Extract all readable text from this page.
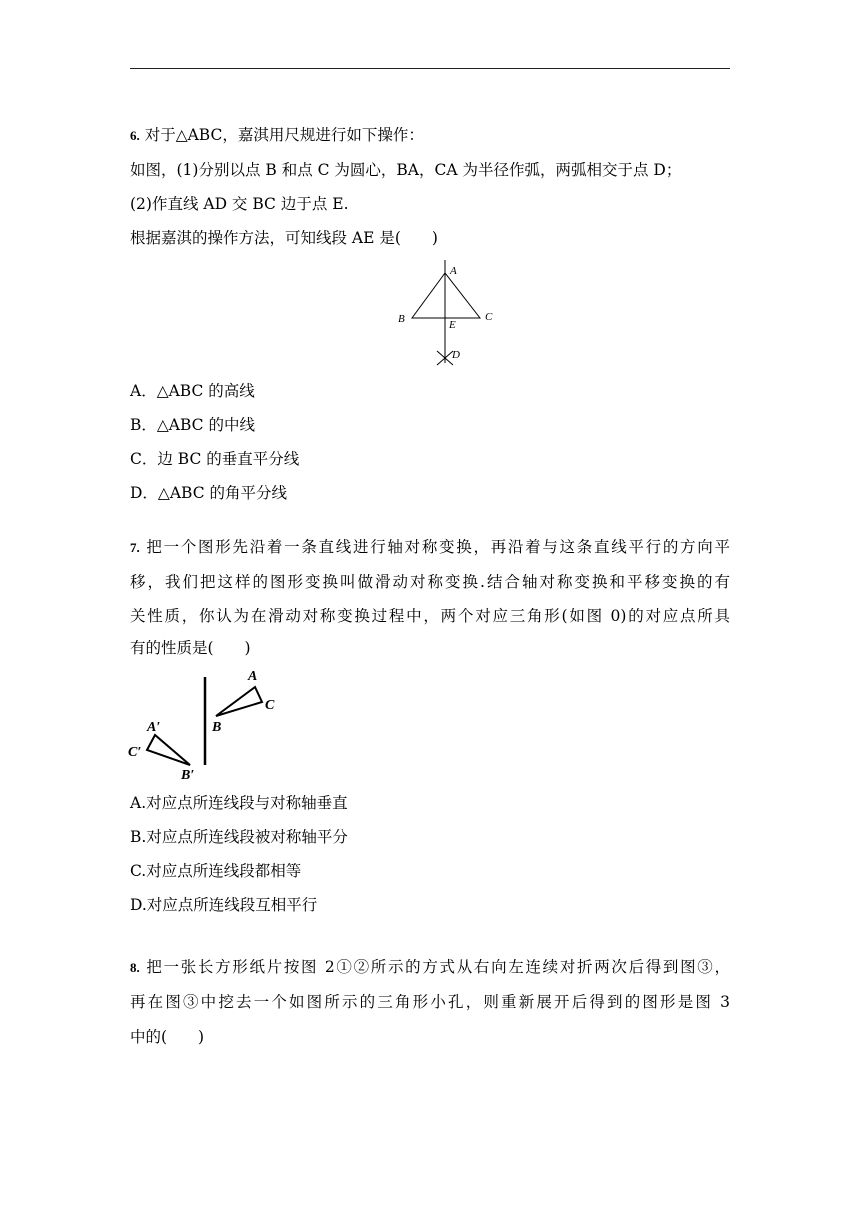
6. 对于△ABC，嘉淇用尺规进行如下操作：
如图，(1)分别以点 B 和点 C 为圆心，BA，CA 为半径作弧，两弧相交于点 D；
(2)作直线 AD 交 BC 边于点 E.
根据嘉淇的操作方法，可知线段 AE 是(　　)
A
B	C
E
D
A．△ABC 的高线
B．△ABC 的中线
C．边 BC 的垂直平分线
D．△ABC 的角平分线
7. 把一个图形先沿着一条直线进行轴对称变换，再沿着与这条直线平行的方向平
移，我们把这样的图形变换叫做滑动对称变换.结合轴对称变换和平移变换的有
关性质，你认为在滑动对称变换过程中，两个对应三角形(如图 0)的对应点所具
有的性质是(　　)
A
B
C
A′
B′
C′
A.对应点所连线段与对称轴垂直
B.对应点所连线段被对称轴平分
C.对应点所连线段都相等
D.对应点所连线段互相平行
8. 把一张长方形纸片按图 2①②所示的方式从右向左连续对折两次后得到图③，
再在图③中挖去一个如图所示的三角形小孔，则重新展开后得到的图形是图 3
中的(　　)
